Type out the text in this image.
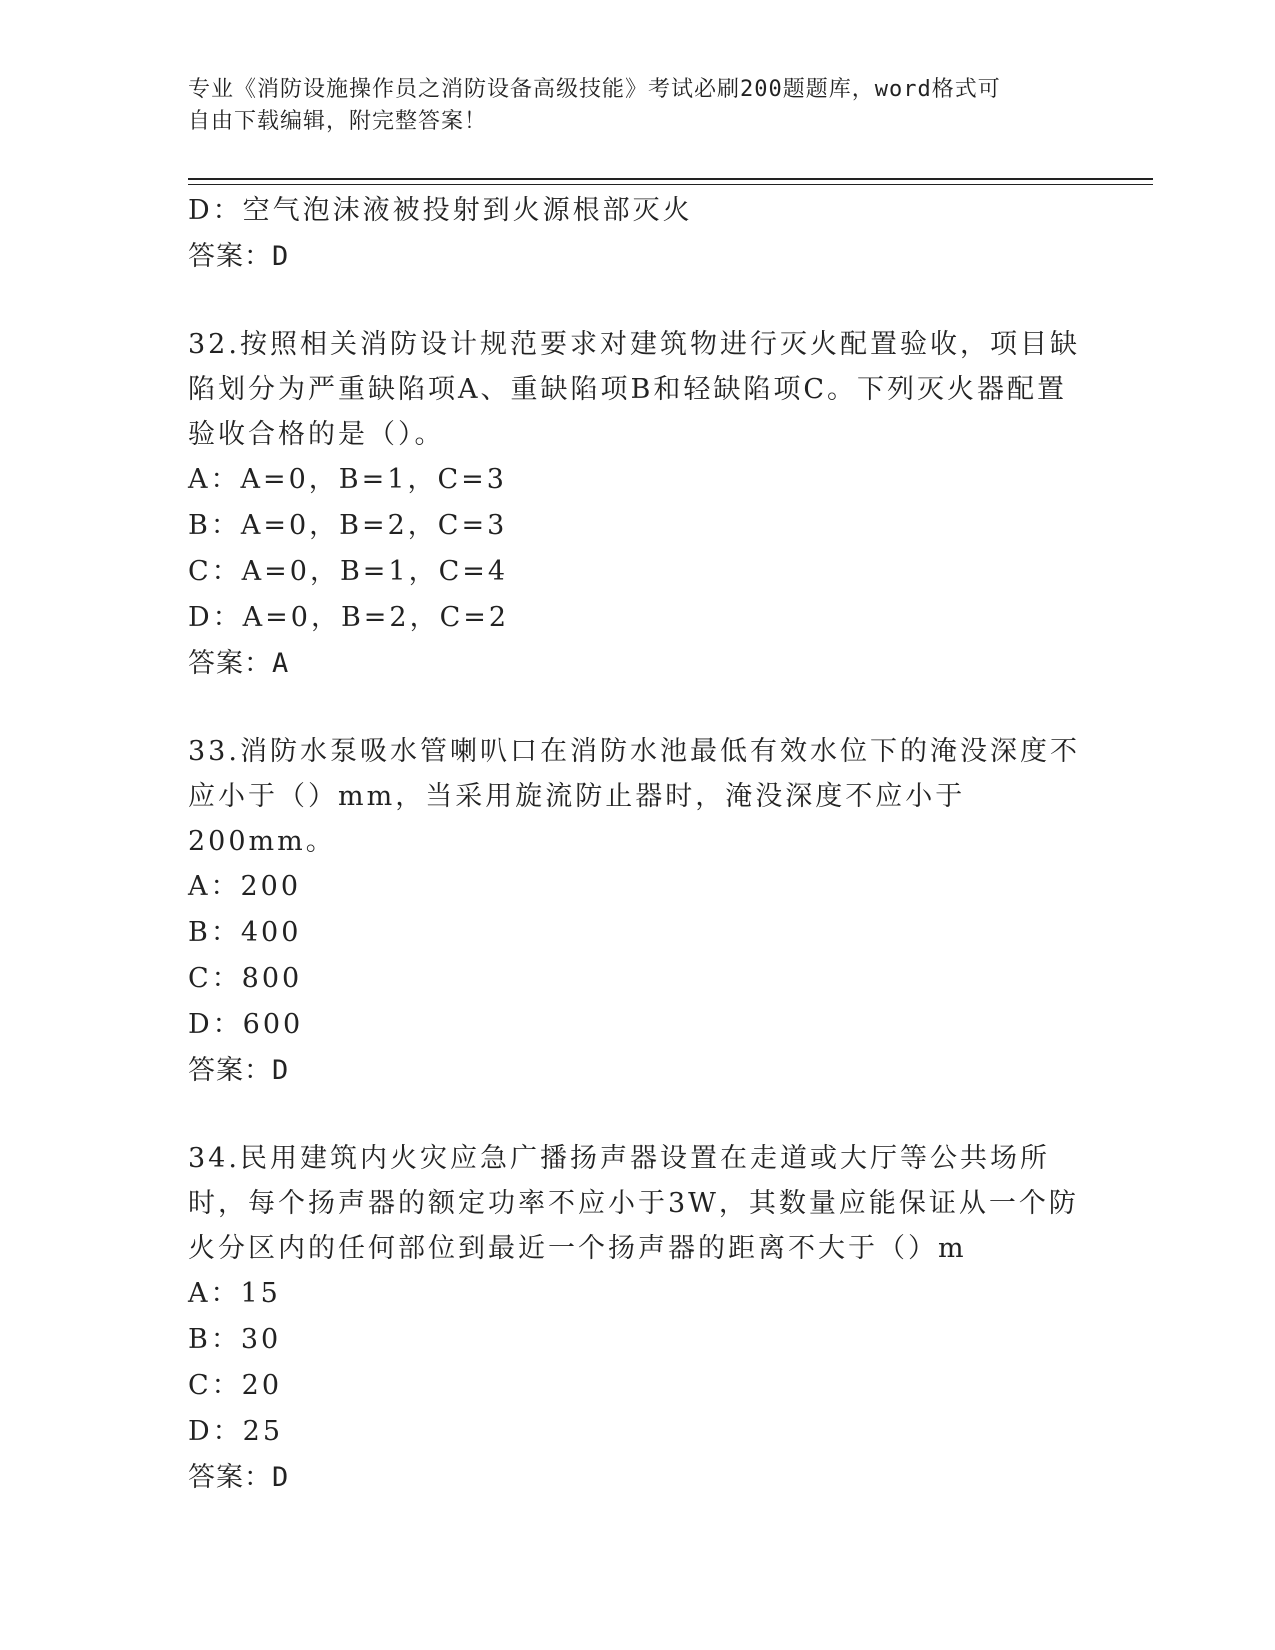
专业《消防设施操作员之消防设备高级技能》考试必刷200题题库，word格式可
自由下载编辑，附完整答案！
D：空气泡沫液被投射到火源根部灭火
答案：D
32.按照相关消防设计规范要求对建筑物进行灭火配置验收，项目缺陷划分为严重缺陷项A、重缺陷项B和轻缺陷项C。下列灭火器配置验收合格的是（）。
A：A=0，B=1，C=3
B：A=0，B=2，C=3
C：A=0，B=1，C=4
D：A=0，B=2，C=2
答案：A
33.消防水泵吸水管喇叭口在消防水池最低有效水位下的淹没深度不应小于（）mm，当采用旋流防止器时，淹没深度不应小于200mm。
A：200
B：400
C：800
D：600
答案：D
34.民用建筑内火灾应急广播扬声器设置在走道或大厅等公共场所时，每个扬声器的额定功率不应小于3W，其数量应能保证从一个防火分区内的任何部位到最近一个扬声器的距离不大于（）m
A：15
B：30
C：20
D：25
答案：D
